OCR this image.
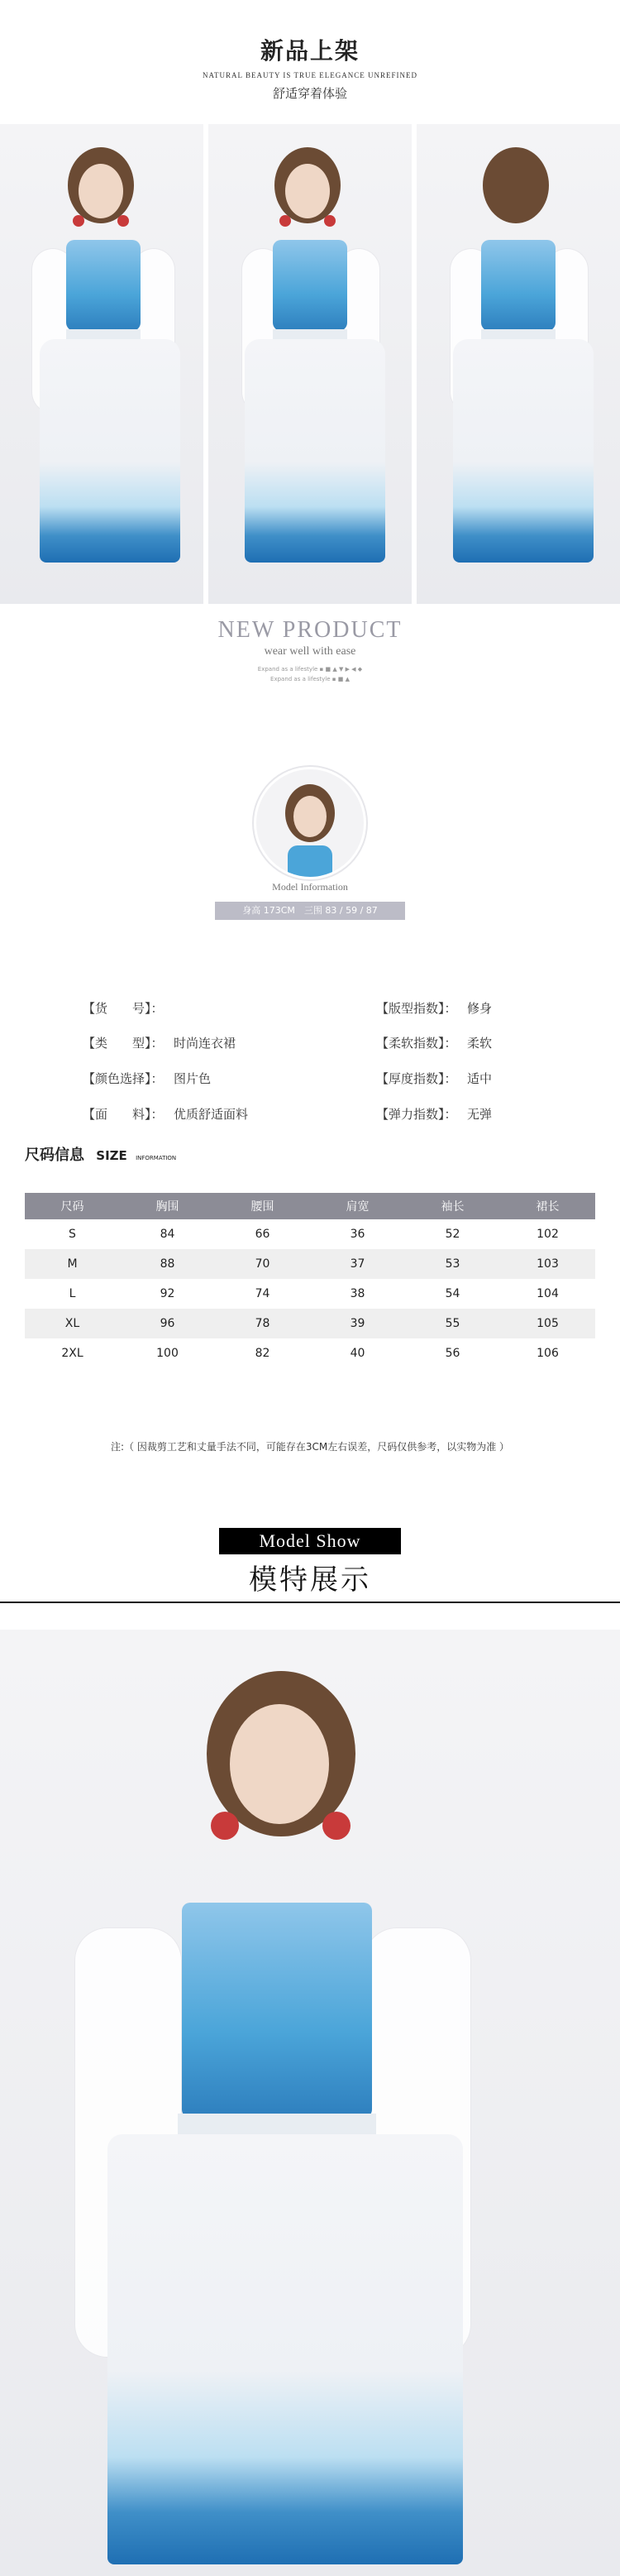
新品上架
NATURAL BEAUTY IS TRUE ELEGANCE UNREFINED
舒适穿着体验
NEW PRODUCT
wear well with ease
Expand as a lifestyle ▪ ■ ▲ ▼ ▶ ◀ ◆
Expand as a lifestyle ▪ ■ ▲
Model Information
身高 173CM　三围 83 / 59 / 87
【货　　号】：
【类　　型】： 时尚连衣裙
【颜色选择】： 图片色
【面　　料】： 优质舒适面料
【版型指数】： 修身
【柔软指数】： 柔软
【厚度指数】： 适中
【弹力指数】： 无弹
尺码信息 SIZE INFORMATION
尺码	胸围	腰围	肩宽	袖长	裙长
S	84	66	36	52	102
M	88	70	37	53	103
L	92	74	38	54	104
XL	96	78	39	55	105
2XL	100	82	40	56	106
注:（ 因裁剪工艺和丈量手法不同，可能存在3CM左右误差，尺码仅供参考，以实物为准 ）
Model Show
模特展示
